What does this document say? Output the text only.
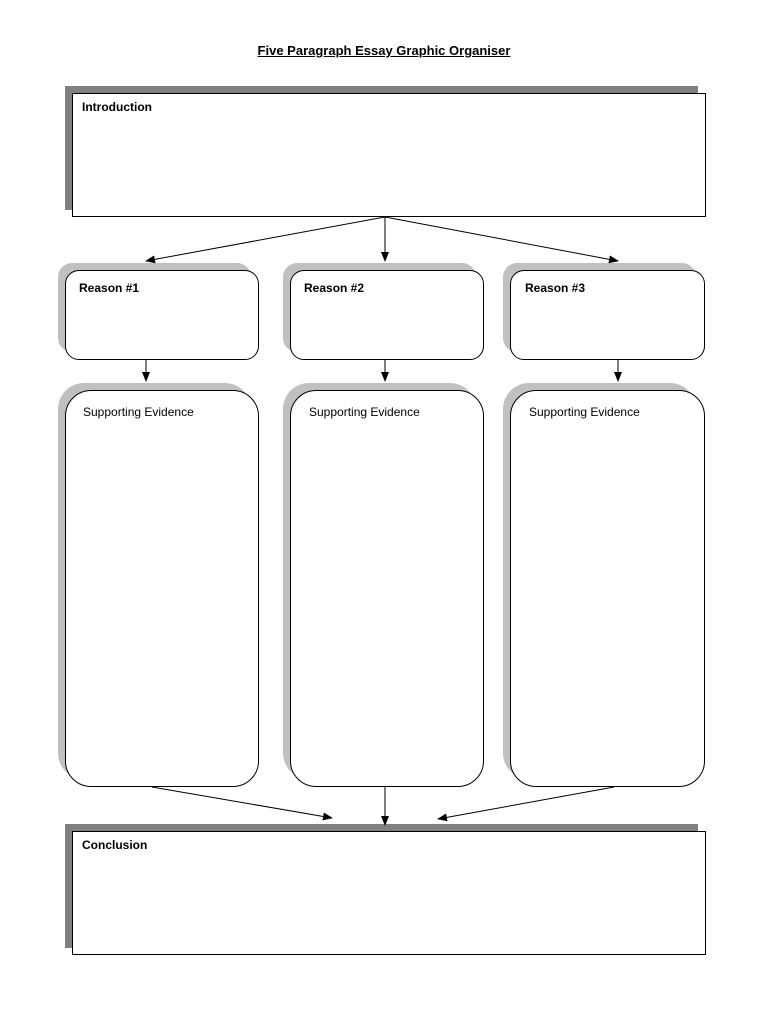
Five Paragraph Essay Graphic Organiser
Introduction
Reason #1	Reason #2	Reason #3
Supporting Evidence	Supporting Evidence	Supporting Evidence
Conclusion
